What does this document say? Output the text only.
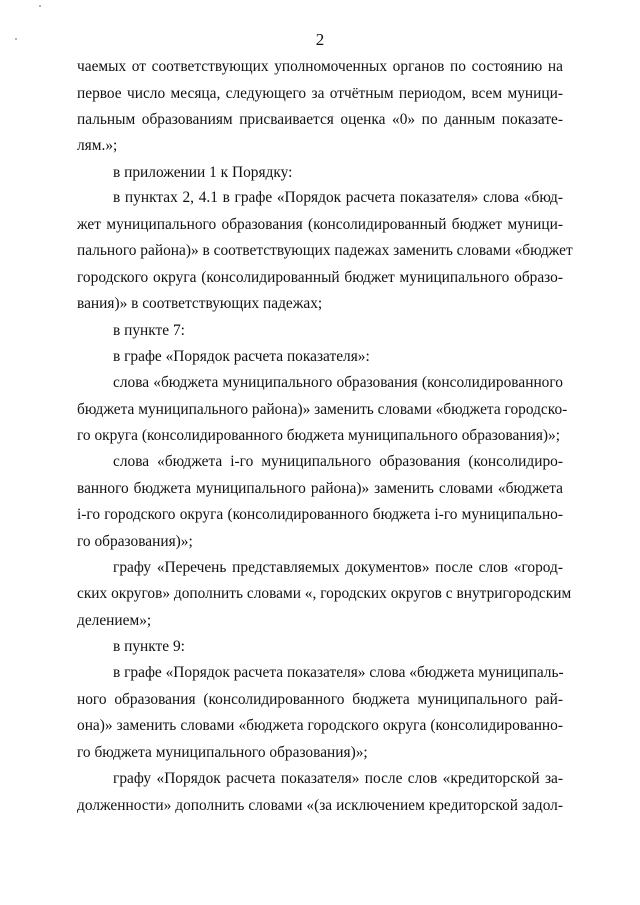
2
чаемых от соответствующих уполномоченных органов по состоянию на
первое число месяца, следующего за отчётным периодом, всем муници-
пальным образованиям присваивается оценка «0» по данным показате-
лям.»;
в приложении 1 к Порядку:
в пунктах 2, 4.1 в графе «Порядок расчета показателя» слова «бюд-
жет муниципального образования (консолидированный бюджет муници-
пального района)» в соответствующих падежах заменить словами «бюджет
городского округа (консолидированный бюджет муниципального образо-
вания)» в соответствующих падежах;
в пункте 7:
в графе «Порядок расчета показателя»:
слова «бюджета муниципального образования (консолидированного
бюджета муниципального района)» заменить словами «бюджета городско-
го округа (консолидированного бюджета муниципального образования)»;
слова «бюджета i-го муниципального образования (консолидиро-
ванного бюджета муниципального района)» заменить словами «бюджета
i-го городского округа (консолидированного бюджета i-го муниципально-
го образования)»;
графу «Перечень представляемых документов» после слов «город-
ских округов» дополнить словами «, городских округов с внутригородским
делением»;
в пункте 9:
в графе «Порядок расчета показателя» слова «бюджета муниципаль-
ного образования (консолидированного бюджета муниципального рай-
она)» заменить словами «бюджета городского округа (консолидированно-
го бюджета муниципального образования)»;
графу «Порядок расчета показателя» после слов «кредиторской за-
долженности» дополнить словами «(за исключением кредиторской задол-
